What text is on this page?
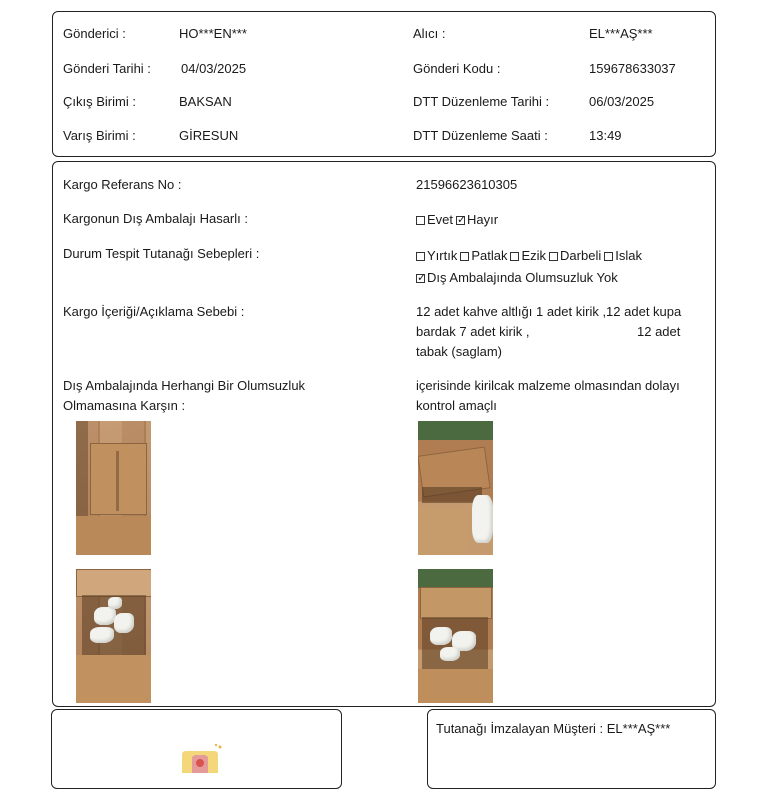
Gönderici :	HO***EN***	Alıcı :	EL***AŞ***
Gönderi Tarihi : 04/03/2025	Gönderi Kodu :	159678633037
Çıkış Birimi :	BAKSAN	DTT Düzenleme Tarihi :	06/03/2025
Varış Birimi :	GİRESUN	DTT Düzenleme Saati :	13:49
Kargo Referans No :	21596623610305
Kargonun Dış Ambalajı Hasarlı :	Evet✓ Hayır
Durum Tespit Tutanağı Sebepleri :	Yırtık Patlak Ezik Darbeli Islak
✓Dış Ambalajında Olumsuzluk Yok
Kargo İçeriği/Açıklama Sebebi :	12 adet kahve altlığı 1 adet kirik ,12 adet kupa
bardak 7 adet kirik ,	12 adet
tabak (saglam)
Dış Ambalajında Herhangi Bir Olumsuzluk
Olmamasına Karşın :
içerisinde kirilcak malzeme olmasından dolayı
kontrol amaçlı
Tutanağı İmzalayan Müşteri : EL***AŞ***
